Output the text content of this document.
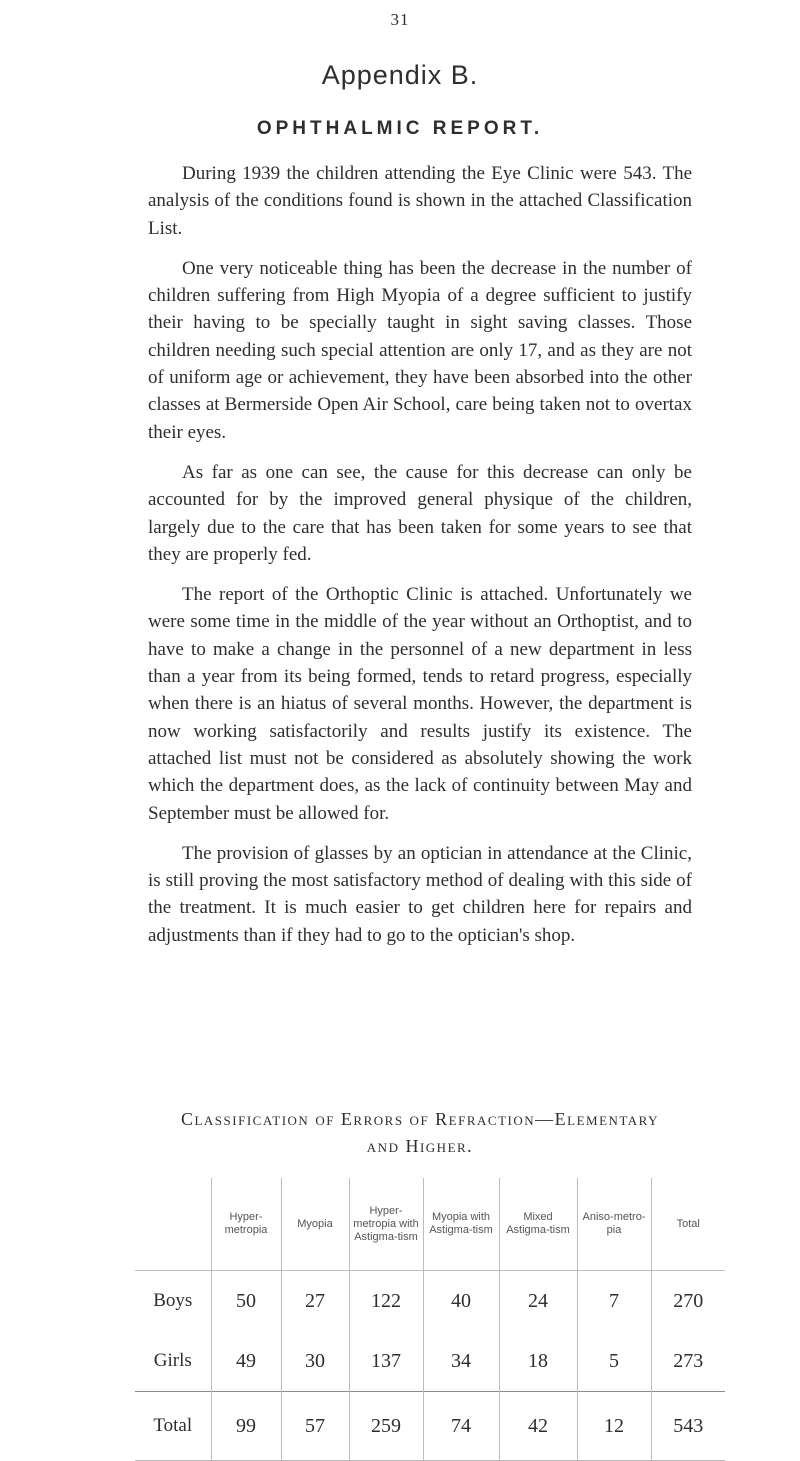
31
Appendix B.
OPHTHALMIC REPORT.

During 1939 the children attending the Eye Clinic were 543. The analysis of the conditions found is shown in the attached Classification List.

One very noticeable thing has been the decrease in the number of children suffering from High Myopia of a degree sufficient to justify their having to be specially taught in sight saving classes. Those children needing such special attention are only 17, and as they are not of uniform age or achievement, they have been absorbed into the other classes at Bermerside Open Air School, care being taken not to overtax their eyes.

As far as one can see, the cause for this decrease can only be accounted for by the improved general physique of the children, largely due to the care that has been taken for some years to see that they are properly fed.

The report of the Orthoptic Clinic is attached. Unfortunately we were some time in the middle of the year without an Orthoptist, and to have to make a change in the personnel of a new department in less than a year from its being formed, tends to retard progress, especially when there is an hiatus of several months. However, the department is now working satisfactorily and results justify its existence. The attached list must not be considered as absolutely showing the work which the department does, as the lack of continuity between May and September must be allowed for.

The provision of glasses by an optician in attendance at the Clinic, is still proving the most satisfactory method of dealing with this side of the treatment. It is much easier to get children here for repairs and adjustments than if they had to go to the optician's shop.

Classification of Errors of Refraction—Elementary
and Higher.
	Hyper-metropia	Myopia	Hyper-metropia with Astigma-tism	Myopia with Astigma-tism	Mixed Astigma-tism	Aniso-metro-pia	Total
Boys	50	27	122	40	24	7	270
Girls	49	30	137	34	18	5	273
Total	99	57	259	74	42	12	543
